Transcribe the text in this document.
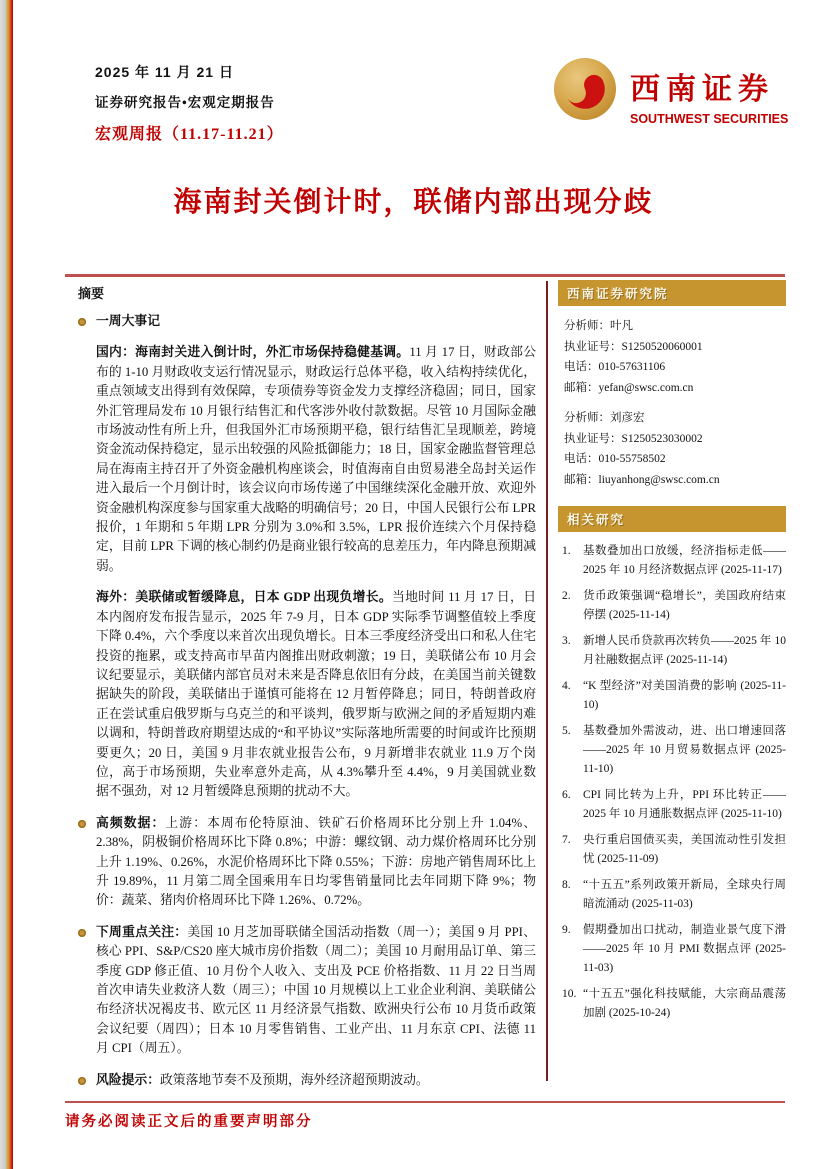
2025 年 11 月 21 日
证券研究报告•宏观定期报告
宏观周报（11.17-11.21）
西南证券
SOUTHWEST SECURITIES
海南封关倒计时，联储内部出现分歧
摘要
一周大事记
国内：海南封关进入倒计时，外汇市场保持稳健基调。11 月 17 日，财政部公布的 1-10 月财政收支运行情况显示，财政运行总体平稳，收入结构持续优化，重点领域支出得到有效保障，专项债券等资金发力支撑经济稳固；同日，国家外汇管理局发布 10 月银行结售汇和代客涉外收付款数据。尽管 10 月国际金融市场波动性有所上升，但我国外汇市场预期平稳，银行结售汇呈现顺差，跨境资金流动保持稳定，显示出较强的风险抵御能力；18 日，国家金融监督管理总局在海南主持召开了外资金融机构座谈会，时值海南自由贸易港全岛封关运作进入最后一个月倒计时，该会议向市场传递了中国继续深化金融开放、欢迎外资金融机构深度参与国家重大战略的明确信号；20 日，中国人民银行公布 LPR 报价，1 年期和 5 年期 LPR 分别为 3.0%和 3.5%，LPR 报价连续六个月保持稳定，目前 LPR 下调的核心制约仍是商业银行较高的息差压力，年内降息预期减弱。
海外：美联储或暂缓降息，日本 GDP 出现负增长。当地时间 11 月 17 日，日本内阁府发布报告显示，2025 年 7-9 月，日本 GDP 实际季节调整值较上季度下降 0.4%，六个季度以来首次出现负增长。日本三季度经济受出口和私人住宅投资的拖累，或支持高市早苗内阁推出财政刺激；19 日，美联储公布 10 月会议纪要显示，美联储内部官员对未来是否降息依旧有分歧，在美国当前关键数据缺失的阶段，美联储出于谨慎可能将在 12 月暂停降息；同日，特朗普政府正在尝试重启俄罗斯与乌克兰的和平谈判，俄罗斯与欧洲之间的矛盾短期内难以调和，特朗普政府期望达成的“和平协议”实际落地所需要的时间或许比预期要更久；20 日，美国 9 月非农就业报告公布，9 月新增非农就业 11.9 万个岗位，高于市场预期，失业率意外走高，从 4.3%攀升至 4.4%，9 月美国就业数据不强劲，对 12 月暂缓降息预期的扰动不大。
高频数据：上游：本周布伦特原油、铁矿石价格周环比分别上升 1.04%、2.38%，阴极铜价格周环比下降 0.8%；中游：螺纹钢、动力煤价格周环比分别上升 1.19%、0.26%，水泥价格周环比下降 0.55%；下游：房地产销售周环比上升 19.89%，11 月第二周全国乘用车日均零售销量同比去年同期下降 9%；物价：蔬菜、猪肉价格周环比下降 1.26%、0.72%。
下周重点关注：美国 10 月芝加哥联储全国活动指数（周一）；美国 9 月 PPI、核心 PPI、S&P/CS20 座大城市房价指数（周二）；美国 10 月耐用品订单、第三季度 GDP 修正值、10 月份个人收入、支出及 PCE 价格指数、11 月 22 日当周首次申请失业救济人数（周三）；中国 10 月规模以上工业企业利润、美联储公布经济状况褐皮书、欧元区 11 月经济景气指数、欧洲央行公布 10 月货币政策会议纪要（周四）；日本 10 月零售销售、工业产出、11 月东京 CPI、法德 11 月 CPI（周五）。
风险提示：政策落地节奏不及预期，海外经济超预期波动。
西南证券研究院
分析师：叶凡
执业证号：S1250520060001
电话：010-57631106
邮箱：yefan@swsc.com.cn
分析师：刘彦宏
执业证号：S1250523030002
电话：010-55758502
邮箱：liuyanhong@swsc.com.cn
相关研究
1.	基数叠加出口放缓，经济指标走低——2025 年 10 月经济数据点评 (2025-11-17)
2.	货币政策强调“稳增长”，美国政府结束停摆 (2025-11-14)
3.	新增人民币贷款再次转负——2025 年 10 月社融数据点评 (2025-11-14)
4.	“K 型经济”对美国消费的影响 (2025-11-10)
5.	基数叠加外需波动，进、出口增速回落——2025 年 10 月贸易数据点评 (2025-11-10)
6.	CPI 同比转为上升，PPI 环比转正——2025 年 10 月通胀数据点评 (2025-11-10)
7.	央行重启国债买卖，美国流动性引发担忧 (2025-11-09)
8.	“十五五”系列政策开新局，全球央行周暗流涌动 (2025-11-03)
9.	假期叠加出口扰动，制造业景气度下滑——2025 年 10 月 PMI 数据点评 (2025-11-03)
10. “十五五”强化科技赋能，大宗商品震荡加剧 (2025-10-24)
请务必阅读正文后的重要声明部分
